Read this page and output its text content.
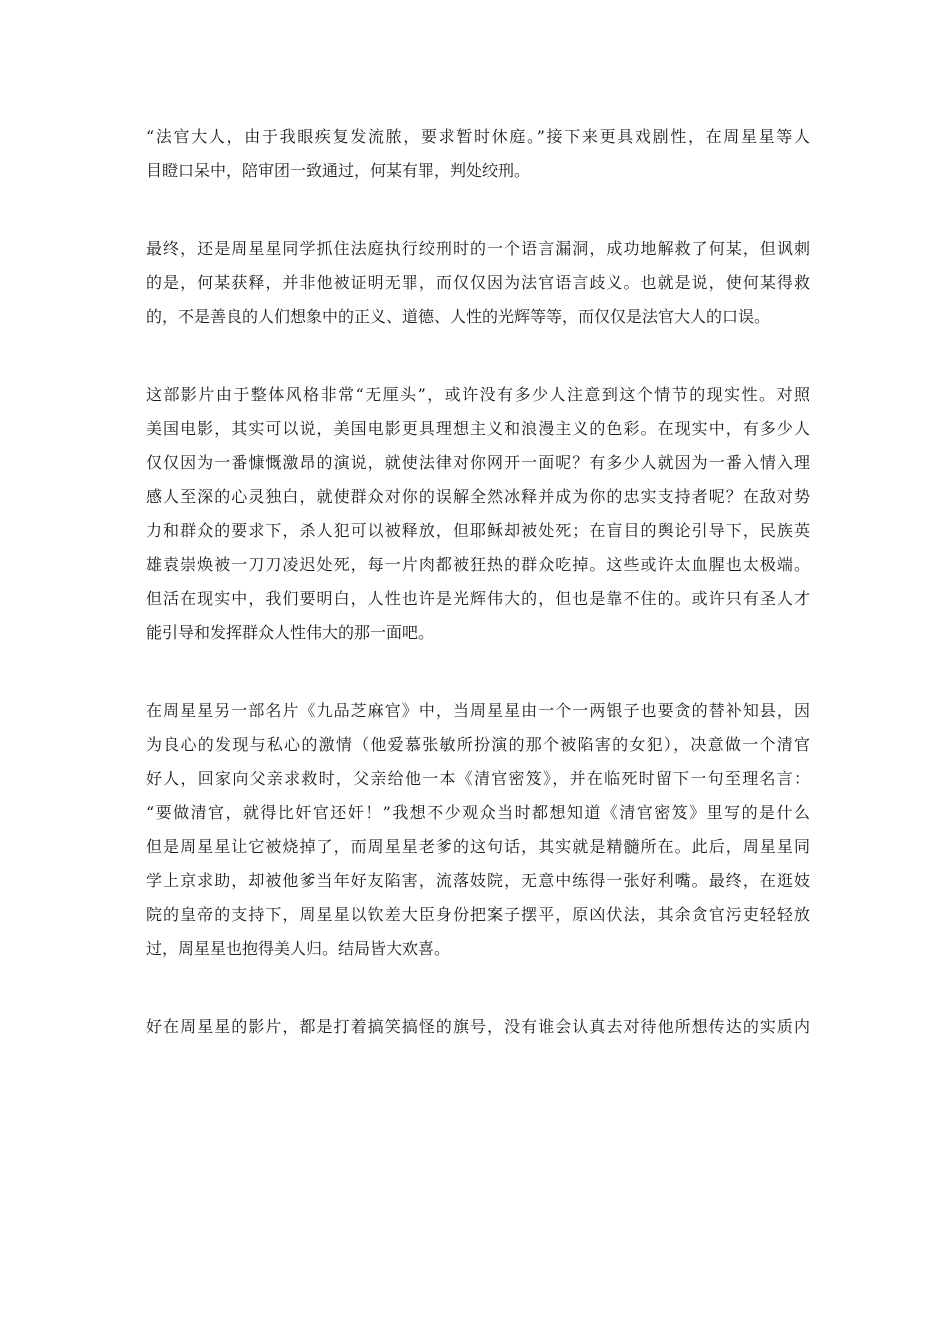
“法官大人，由于我眼疾复发流脓，要求暂时休庭。”接下来更具戏剧性，在周星星等人
目瞪口呆中，陪审团一致通过，何某有罪，判处绞刑。
最终，还是周星星同学抓住法庭执行绞刑时的一个语言漏洞，成功地解救了何某，但讽刺
的是，何某获释，并非他被证明无罪，而仅仅因为法官语言歧义。也就是说，使何某得救
的，不是善良的人们想象中的正义、道德、人性的光辉等等，而仅仅是法官大人的口误。
这部影片由于整体风格非常“无厘头”，或许没有多少人注意到这个情节的现实性。对照
美国电影，其实可以说，美国电影更具理想主义和浪漫主义的色彩。在现实中，有多少人
仅仅因为一番慷慨激昂的演说，就使法律对你网开一面呢？有多少人就因为一番入情入理
感人至深的心灵独白，就使群众对你的误解全然冰释并成为你的忠实支持者呢？在敌对势
力和群众的要求下，杀人犯可以被释放，但耶稣却被处死；在盲目的舆论引导下，民族英
雄袁崇焕被一刀刀凌迟处死，每一片肉都被狂热的群众吃掉。这些或许太血腥也太极端。
但活在现实中，我们要明白，人性也许是光辉伟大的，但也是靠不住的。或许只有圣人才
能引导和发挥群众人性伟大的那一面吧。
在周星星另一部名片《九品芝麻官》中，当周星星由一个一两银子也要贪的替补知县，因
为良心的发现与私心的激情（他爱慕张敏所扮演的那个被陷害的女犯），决意做一个清官
好人，回家向父亲求救时，父亲给他一本《清官密笈》，并在临死时留下一句至理名言：
“要做清官，就得比奸官还奸！”我想不少观众当时都想知道《清官密笈》里写的是什么
但是周星星让它被烧掉了，而周星星老爹的这句话，其实就是精髓所在。此后，周星星同
学上京求助，却被他爹当年好友陷害，流落妓院，无意中练得一张好利嘴。最终，在逛妓
院的皇帝的支持下，周星星以钦差大臣身份把案子摆平，原凶伏法，其余贪官污吏轻轻放
过，周星星也抱得美人归。结局皆大欢喜。
好在周星星的影片，都是打着搞笑搞怪的旗号，没有谁会认真去对待他所想传达的实质内
